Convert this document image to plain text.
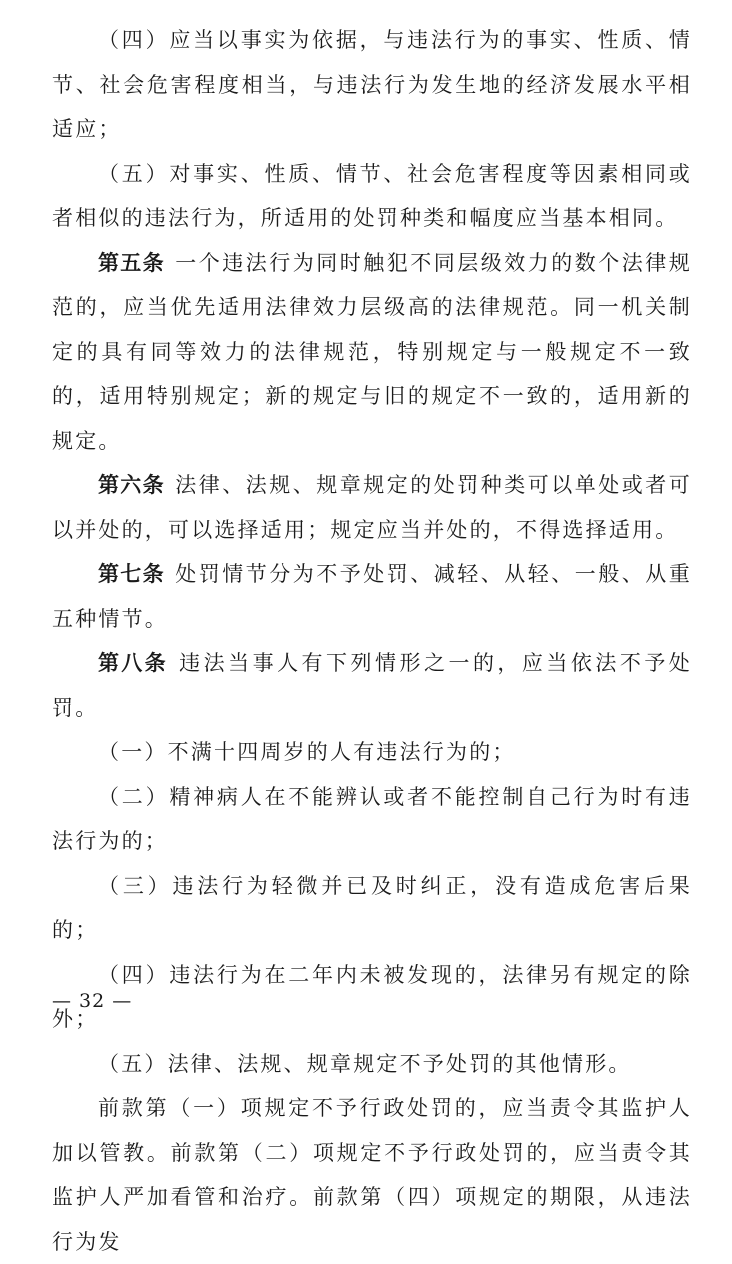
（四）应当以事实为依据，与违法行为的事实、性质、情节、社会危害程度相当，与违法行为发生地的经济发展水平相适应；

（五）对事实、性质、情节、社会危害程度等因素相同或者相似的违法行为，所适用的处罚种类和幅度应当基本相同。

第五条 一个违法行为同时触犯不同层级效力的数个法律规范的，应当优先适用法律效力层级高的法律规范。同一机关制定的具有同等效力的法律规范，特别规定与一般规定不一致的，适用特别规定；新的规定与旧的规定不一致的，适用新的规定。

第六条 法律、法规、规章规定的处罚种类可以单处或者可以并处的，可以选择适用；规定应当并处的，不得选择适用。

第七条 处罚情节分为不予处罚、减轻、从轻、一般、从重五种情节。

第八条 违法当事人有下列情形之一的，应当依法不予处罚。

（一）不满十四周岁的人有违法行为的；

（二）精神病人在不能辨认或者不能控制自己行为时有违法行为的；

（三）违法行为轻微并已及时纠正，没有造成危害后果的；

（四）违法行为在二年内未被发现的，法律另有规定的除外；

（五）法律、法规、规章规定不予处罚的其他情形。

前款第（一）项规定不予行政处罚的，应当责令其监护人加以管教。前款第（二）项规定不予行政处罚的，应当责令其监护人严加看管和治疗。前款第（四）项规定的期限，从违法行为发

— 32 —
